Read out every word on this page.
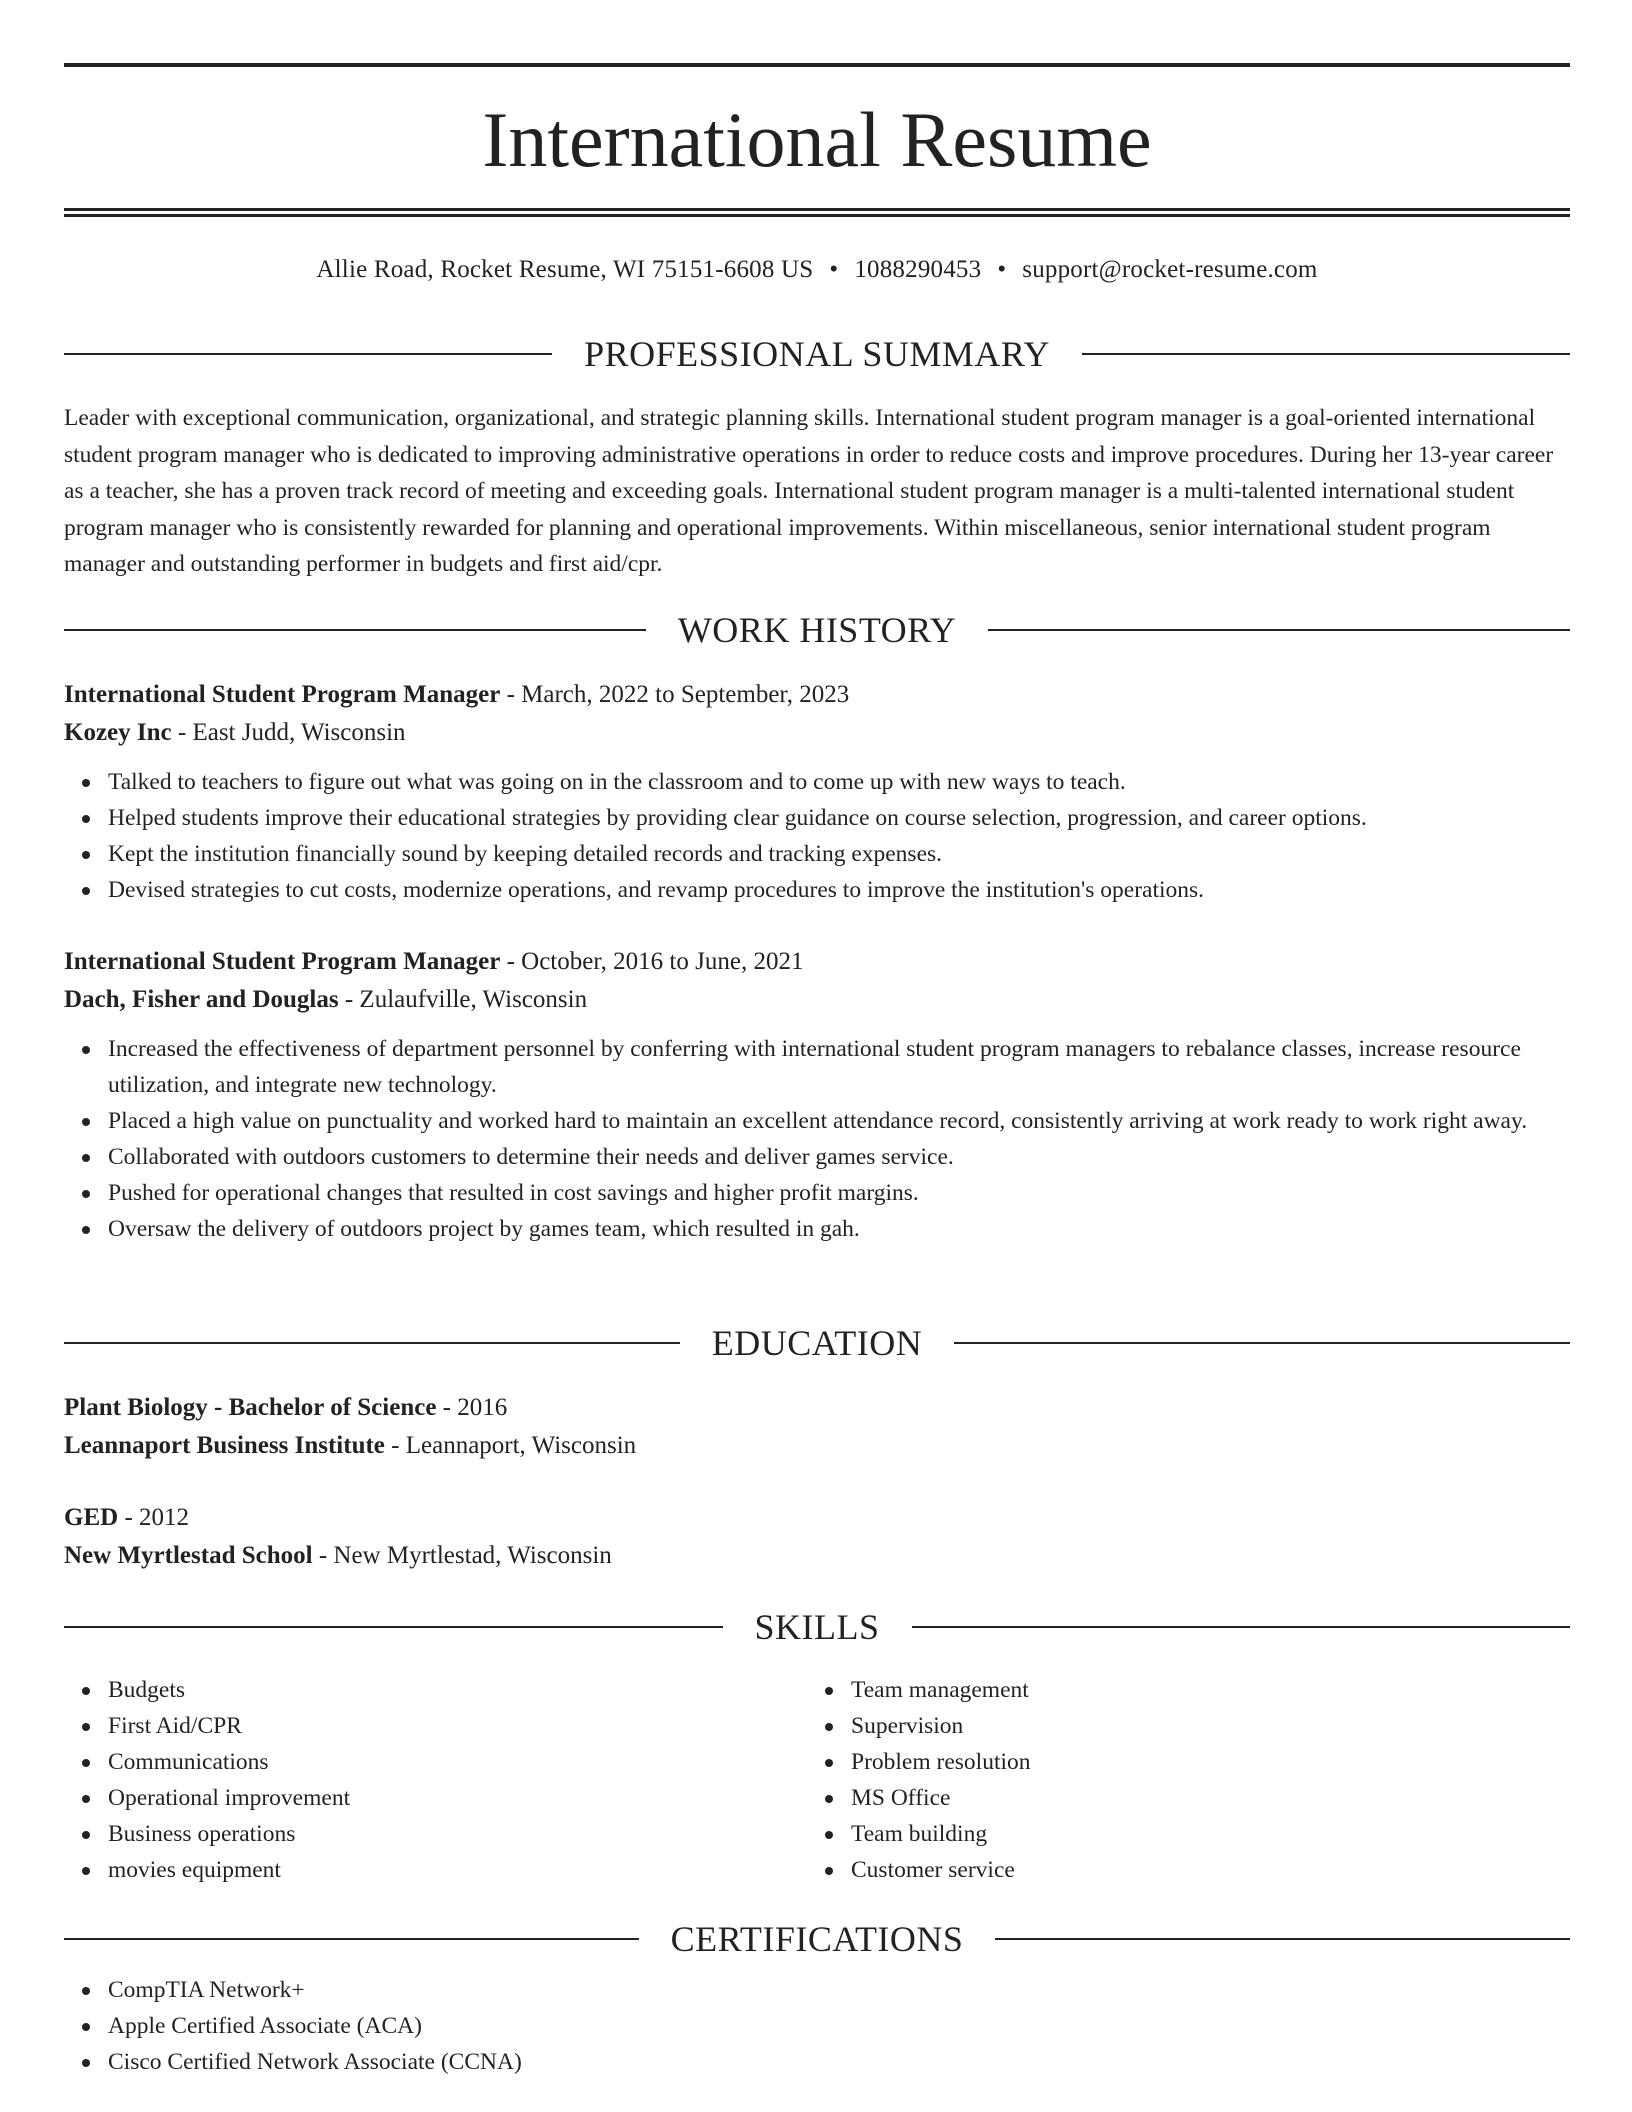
International Resume
Allie Road, Rocket Resume, WI 75151-6608 US • 1088290453 • support@rocket-resume.com
PROFESSIONAL SUMMARY

Leader with exceptional communication, organizational, and strategic planning skills. International student program manager is a goal-oriented international student program manager who is dedicated to improving administrative operations in order to reduce costs and improve procedures. During her 13-year career as a teacher, she has a proven track record of meeting and exceeding goals. International student program manager is a multi-talented international student program manager who is consistently rewarded for planning and operational improvements. Within miscellaneous, senior international student program manager and outstanding performer in budgets and first aid/cpr.

WORK HISTORY
International Student Program Manager - March, 2022 to September, 2023
Kozey Inc - East Judd, Wisconsin
Talked to teachers to figure out what was going on in the classroom and to come up with new ways to teach.
Helped students improve their educational strategies by providing clear guidance on course selection, progression, and career options.
Kept the institution financially sound by keeping detailed records and tracking expenses.
Devised strategies to cut costs, modernize operations, and revamp procedures to improve the institution's operations.
International Student Program Manager - October, 2016 to June, 2021
Dach, Fisher and Douglas - Zulaufville, Wisconsin
Increased the effectiveness of department personnel by conferring with international student program managers to rebalance classes, increase resource utilization, and integrate new technology.
Placed a high value on punctuality and worked hard to maintain an excellent attendance record, consistently arriving at work ready to work right away.
Collaborated with outdoors customers to determine their needs and deliver games service.
Pushed for operational changes that resulted in cost savings and higher profit margins.
Oversaw the delivery of outdoors project by games team, which resulted in gah.
EDUCATION
Plant Biology - Bachelor of Science - 2016
Leannaport Business Institute - Leannaport, Wisconsin
GED - 2012
New Myrtlestad School - New Myrtlestad, Wisconsin
SKILLS
Budgets
First Aid/CPR
Communications
Operational improvement
Business operations
movies equipment
Team management
Supervision
Problem resolution
MS Office
Team building
Customer service
CERTIFICATIONS
CompTIA Network+
Apple Certified Associate (ACA)
Cisco Certified Network Associate (CCNA)
